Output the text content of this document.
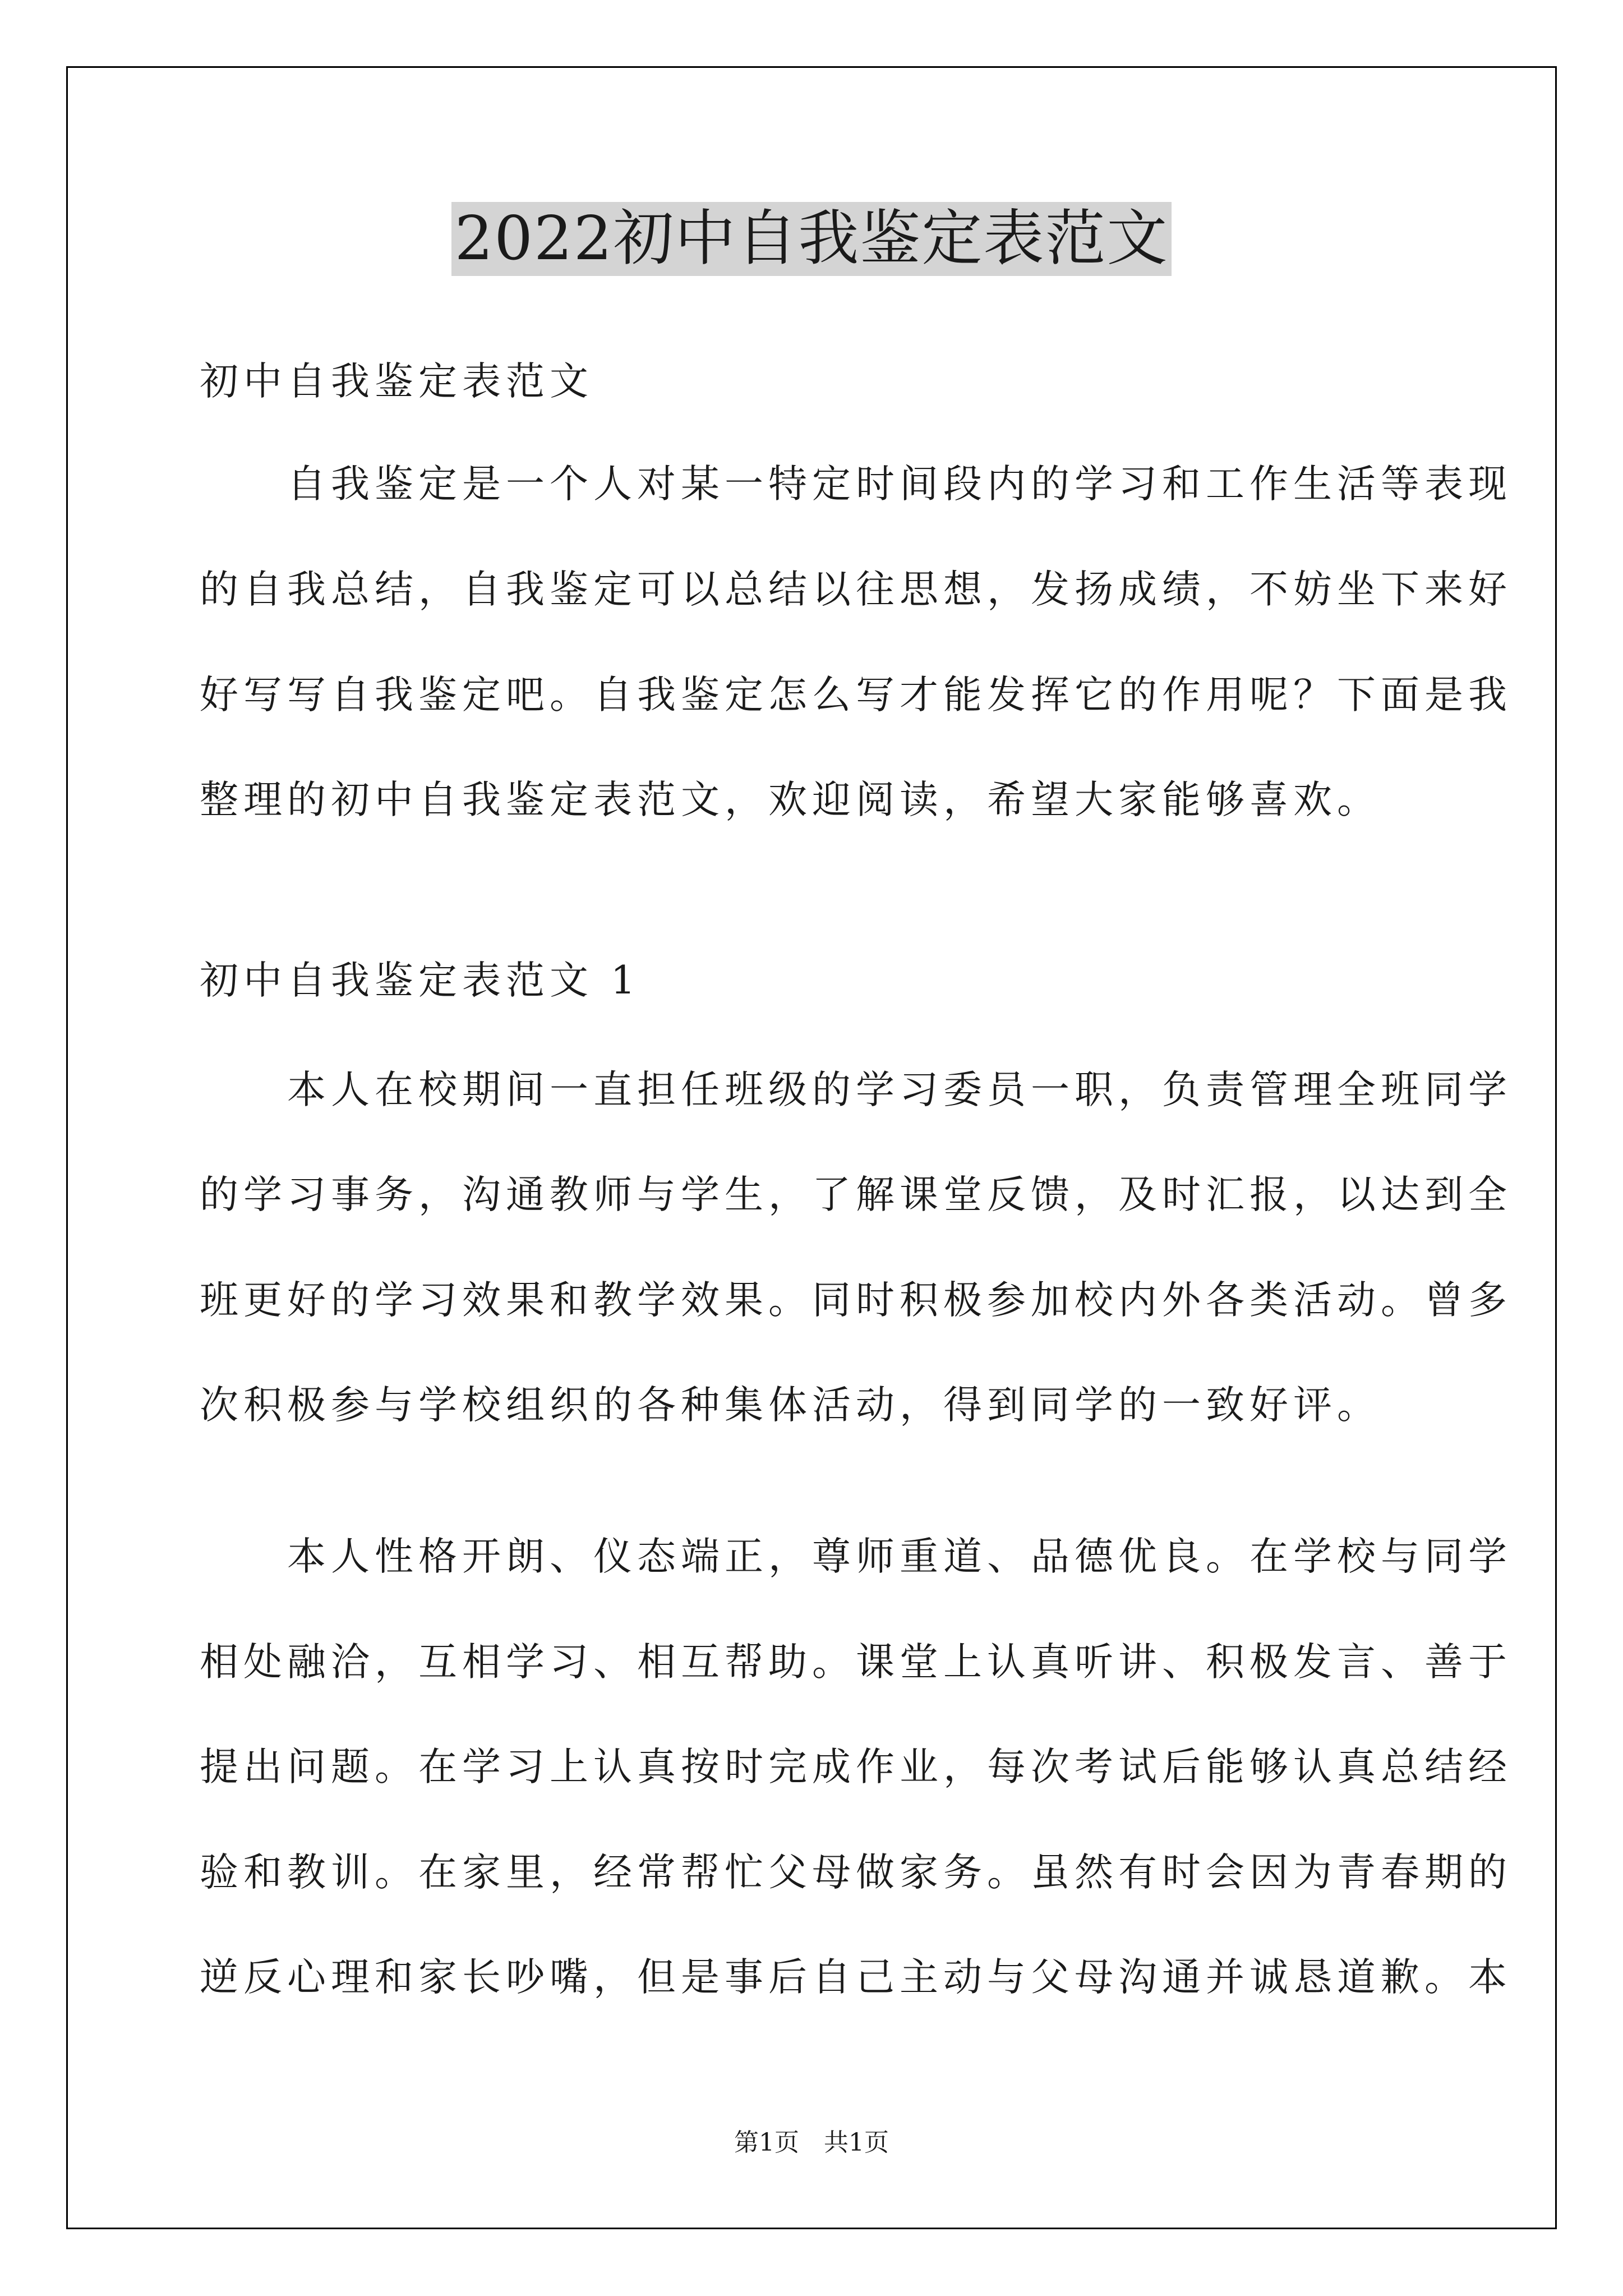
2022初中自我鉴定表范文

初中自我鉴定表范文

　　自我鉴定是一个人对某一特定时间段内的学习和工作生活等表现

的自我总结，自我鉴定可以总结以往思想，发扬成绩，不妨坐下来好

好写写自我鉴定吧。自我鉴定怎么写才能发挥它的作用呢？下面是我

整理的初中自我鉴定表范文，欢迎阅读，希望大家能够喜欢。

初中自我鉴定表范文 1

　　本人在校期间一直担任班级的学习委员一职，负责管理全班同学

的学习事务，沟通教师与学生，了解课堂反馈，及时汇报，以达到全

班更好的学习效果和教学效果。同时积极参加校内外各类活动。曾多

次积极参与学校组织的各种集体活动，得到同学的一致好评。

　　本人性格开朗、仪态端正，尊师重道、品德优良。在学校与同学

相处融洽，互相学习、相互帮助。课堂上认真听讲、积极发言、善于

提出问题。在学习上认真按时完成作业，每次考试后能够认真总结经

验和教训。在家里，经常帮忙父母做家务。虽然有时会因为青春期的

逆反心理和家长吵嘴，但是事后自己主动与父母沟通并诚恳道歉。本

第1页　共1页
